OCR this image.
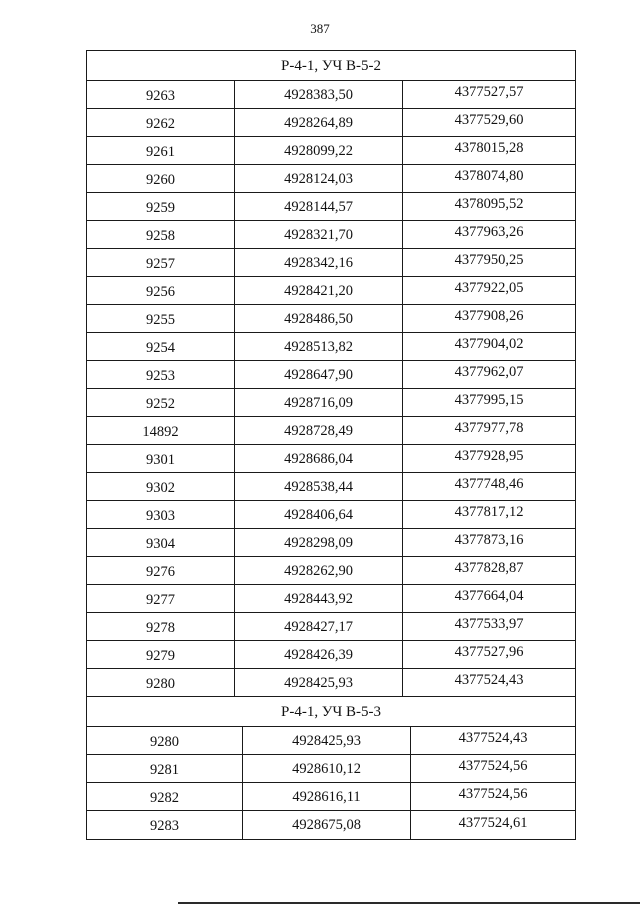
387
Р-4-1, УЧ В-5-2
9263	4928383,50	4377527,57
9262	4928264,89	4377529,60
9261	4928099,22	4378015,28
9260	4928124,03	4378074,80
9259	4928144,57	4378095,52
9258	4928321,70	4377963,26
9257	4928342,16	4377950,25
9256	4928421,20	4377922,05
9255	4928486,50	4377908,26
9254	4928513,82	4377904,02
9253	4928647,90	4377962,07
9252	4928716,09	4377995,15
14892	4928728,49	4377977,78
9301	4928686,04	4377928,95
9302	4928538,44	4377748,46
9303	4928406,64	4377817,12
9304	4928298,09	4377873,16
9276	4928262,90	4377828,87
9277	4928443,92	4377664,04
9278	4928427,17	4377533,97
9279	4928426,39	4377527,96
9280	4928425,93	4377524,43
Р-4-1, УЧ В-5-3
9280	4928425,93	4377524,43
9281	4928610,12	4377524,56
9282	4928616,11	4377524,56
9283	4928675,08	4377524,61
